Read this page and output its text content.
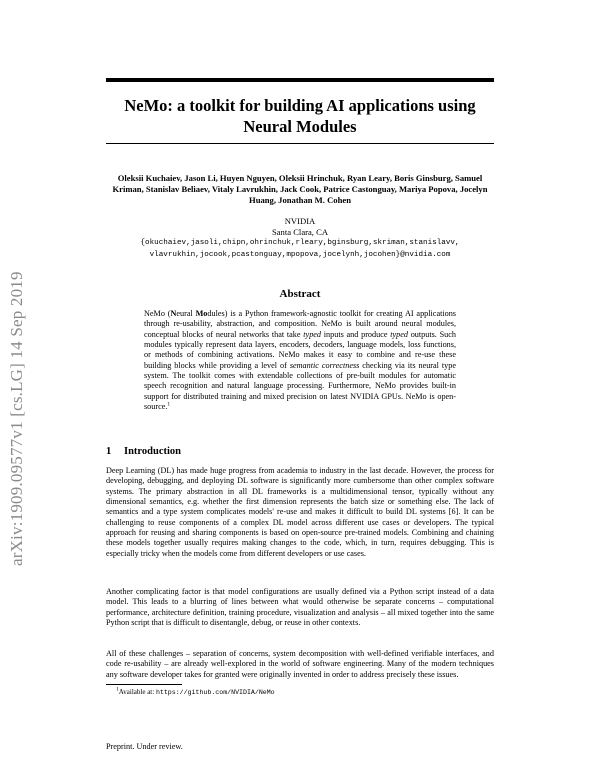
arXiv:1909.09577v1 [cs.LG] 14 Sep 2019
NeMo: a toolkit for building AI applications using Neural Modules

Oleksii Kuchaiev, Jason Li, Huyen Nguyen, Oleksii Hrinchuk, Ryan Leary, Boris Ginsburg, Samuel Kriman, Stanislav Beliaev, Vitaly Lavrukhin, Jack Cook, Patrice Castonguay, Mariya Popova, Jocelyn Huang, Jonathan M. Cohen

NVIDIA
Santa Clara, CA
{okuchaiev,jasoli,chipn,ohrinchuk,rleary,bginsburg,skriman,stanislavv, vlavrukhin,jocook,pcastonguay,mpopova,jocelynh,jocohen}@nvidia.com
Abstract

NeMo (Neural Modules) is a Python framework-agnostic toolkit for creating AI applications through re-usability, abstraction, and composition. NeMo is built around neural modules, conceptual blocks of neural networks that take typed inputs and produce typed outputs. Such modules typically represent data layers, encoders, decoders, language models, loss functions, or methods of combining activations. NeMo makes it easy to combine and re-use these building blocks while providing a level of semantic correctness checking via its neural type system. The toolkit comes with extendable collections of pre-built modules for automatic speech recognition and natural language processing. Furthermore, NeMo provides built-in support for distributed training and mixed precision on latest NVIDIA GPUs. NeMo is open-source.$^1$

1 Introduction

Deep Learning (DL) has made huge progress from academia to industry in the last decade. However, the process for developing, debugging, and deploying DL software is significantly more cumbersome than other complex software systems. The primary abstraction in all DL frameworks is a multidimensional tensor, typically without any dimensional semantics, e.g. whether the first dimension represents the batch size or something else. The lack of semantics and a type system complicates models' re-use and makes it difficult to build DL systems [6]. It can be challenging to reuse components of a complex DL model across different use cases or developers. The typical approach for reusing and sharing components is based on open-source pre-trained models. Combining and chaining these models together usually requires making changes to the code, which, in turn, requires debugging. This is especially tricky when the models come from different developers or use cases.

Another complicating factor is that model configurations are usually defined via a Python script instead of a data model. This leads to a blurring of lines between what would otherwise be separate concerns – computational performance, architecture definition, training procedure, visualization and analysis – all mixed together into the same Python script that is difficult to disentangle, debug, or reuse in other contexts.

All of these challenges – separation of concerns, system decomposition with well-defined verifiable interfaces, and code re-usability – are already well-explored in the world of software engineering. Many of the modern techniques any software developer takes for granted were originally invented in order to address precisely these issues.

$^1$Available at: https://github.com/NVIDIA/NeMo
Preprint. Under review.
